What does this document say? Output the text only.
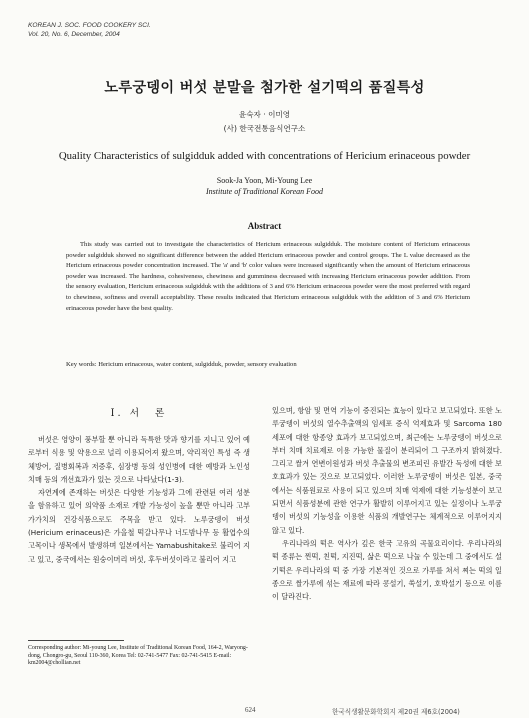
KOREAN J. SOC. FOOD COOKERY SCI.
Vol. 20, No. 6, December, 2004
노루궁뎅이 버섯 분말을 첨가한 설기떡의 품질특성
윤숙자 · 이미영
(사) 한국전통음식연구소
Quality Characteristics of sulgidduk added with concentrations of Hericium erinaceous powder
Sook-Ja Yoon, Mi-Young Lee
Institute of Traditional Korean Food
Abstract

This study was carried out to investigate the characteristics of Hericium erinaceous sulgidduk. The moisture content of Hericium erinaceous powder sulgidduk showed no significant difference between the added Hericium erinaceous powder and control groups. The L value decreased as the Hericium erinaceous powder concentration increased. The 'a' and 'b' color values were increased significantly when the amount of Hericium erinaceous powder was increased. The hardness, cohesiveness, chewiness and gumminess decreased with increasing Hericium erinaceous powder addition. From the sensory evaluation, Hericium erinaceous sulgidduk with the additions of 3 and 6% Hericium erinaceous powder were the most preferred with regard to chewiness, softness and overall acceptability. These results indicated that Hericium erinaceous sulgidduk with the addition of 3 and 6% Hericium erinaceous powder have the best quality.

Key words: Hericium erinaceous, water content, sulgidduk, powder, sensory evaluation

Ⅰ. 서　론

버섯은 영양이 풍부할 뿐 아니라 독특한 맛과 향기를 지니고 있어 예로부터 식용 및 약용으로 널리 이용되어져 왔으며, 약리적인 특성 즉 생체방어, 질병회복과 저증후, 심장병 등의 성인병에 대한 예방과 노인성 치매 등의 개선효과가 있는 것으로 나타났다(1-3).

자연계에 존재하는 버섯은 다양한 기능성과 그에 관련된 여러 성분을 함유하고 있어 의약품 소재로 개발 가능성이 높을 뿐만 아니라 고부가가치의 건강식품으로도 주목을 받고 있다. 노루궁뎅이 버섯(Hericium erinaceus)은 가을철 떡갈나무나 너도밤나무 등 활엽수의 고목이나 생목에서 발생하며 일본에서는 Yamabushitake로 불리어 지고 있고, 중국에서는 원숭이머리 버섯, 후두버섯이라고 불리어 지고

있으며, 항암 및 면역 기능이 증진되는 효능이 있다고 보고되었다. 또한 노루궁뎅이 버섯의 열수추출액의 임세포 증식 억제효과 및 Sarcoma 180세포에 대한 항종양 효과가 보고되었으며, 최근에는 노루궁뎅이 버섯으로부터 치매 치료제로 이용 가능한 물질이 분리되어 그 구조까지 밝혀졌다. 그리고 쌀겨 연변이원성과 버섯 추출물의 변조피린 유발간 독성에 대한 보호효과가 있는 것으로 보고되었다. 이러한 노루궁뎅이 버섯은 일본, 중국에서는 식품원료로 사용이 되고 있으며 치매 억제에 대한 기능성분이 보고되면서 식품성분에 관한 연구가 활발히 이루어지고 있는 실정이나 노루궁뎅이 버섯의 기능성을 이용한 식품의 개발연구는 체계적으로 이루어지지 않고 있다.

우리나라의 떡은 역사가 깊은 한국 고유의 곡물요리이다. 우리나라의 떡 종류는 찐떡, 친떡, 지진떡, 삶은 떡으로 나눌 수 있는데 그 중에서도 설기떡은 우리나라의 떡 중 가장 기본적인 것으로 가루를 쳐서 찌는 떡의 일종으로 쌀가루에 섞는 재료에 따라 콩설기, 쑥설기, 호박설기 등으로 이름이 달라진다.

Corresponding author: Mi-young Lee, Institute of Traditional Korean Food, 164-2, Waryong-dong, Chongro-gu, Seoul 110-360, Korea Tel: 02-741-5477 Fax: 02-741-5415 E-mail: km2004@chollian.net

624	한국식생활문화학회지 제20권 제6호(2004)
